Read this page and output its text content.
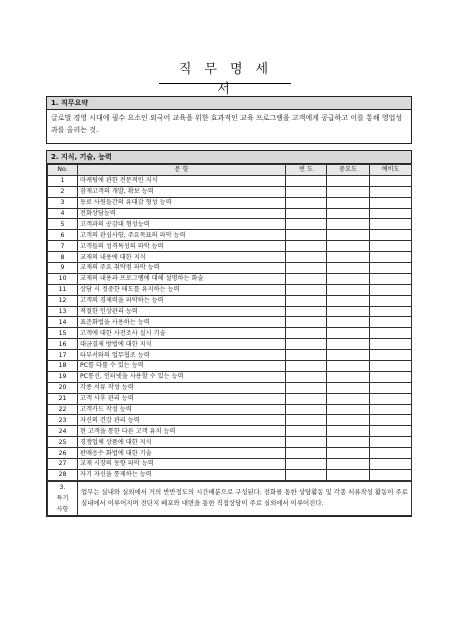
직무명세서
1. 직무요약
글로벌 경영 시대에 필수 요소인 외국어 교육을 위한 효과적인 교육 프로그램을 고객에게 공급하고 이를 통해 영업성과를 올리는 것.
2. 지식, 기술, 능력
No.	문 항	빈 도	중요도	예비도
1	마케팅에 관한 전문적인 지식			
2	잠재고객의 개발, 확보 능력			
3	동료 사원들간의 유대감 형성 능력			
4	전화상담능력			
5	고객과의 공감대 형성능력			
6	고객의 관심사항, 주요목표의 파악 능력			
7	고객들의 성격특성의 파악 능력			
8	교재의 내용에 대한 지식			
9	교재의 주요 취약점 파악 능력			
10	교재의 내용과 프로그램에 대해 설명하는 화술			
11	상담 시 정중한 태도를 유지하는 능력			
12	고객의 경제력을 파악하는 능력			
13	적절한 인상관리 능력			
14	표준화법을 사용하는 능력			
15	고객에 대한 사전조사 실시 기술			
16	대금결제 방법에 대한 지식			
17	타부서와의 업무협조 능력			
18	PC를 다룰 수 있는 능력			
19	PC통신, 인터넷을 사용할 수 있는 능력			
20	각종 서류 작성 능력			
21	고객 사후 관리 능력			
22	고객카드 작성 능력			
23	자신의 건강 관리 능력			
24	현 고객을 통한 다른 고객 유치 능력			
25	경쟁업체 상품에 대한 지식			
26	판매응수 화법에 대한 기술			
27	교재 시장의 동향 파악 능력			
28	자기 자신을 통제하는 능력			
3.
특기
사항	업무는 실내와 실외에서 거의 반반정도의 시간배분으로 구성된다. 전화를 통한 상담활동 및 각종 서류작성 활동이 주로 실내에서 이루어지며 전단지 배포와 대면을 통한 직접상담이 주로 실외에서 이루어진다.
